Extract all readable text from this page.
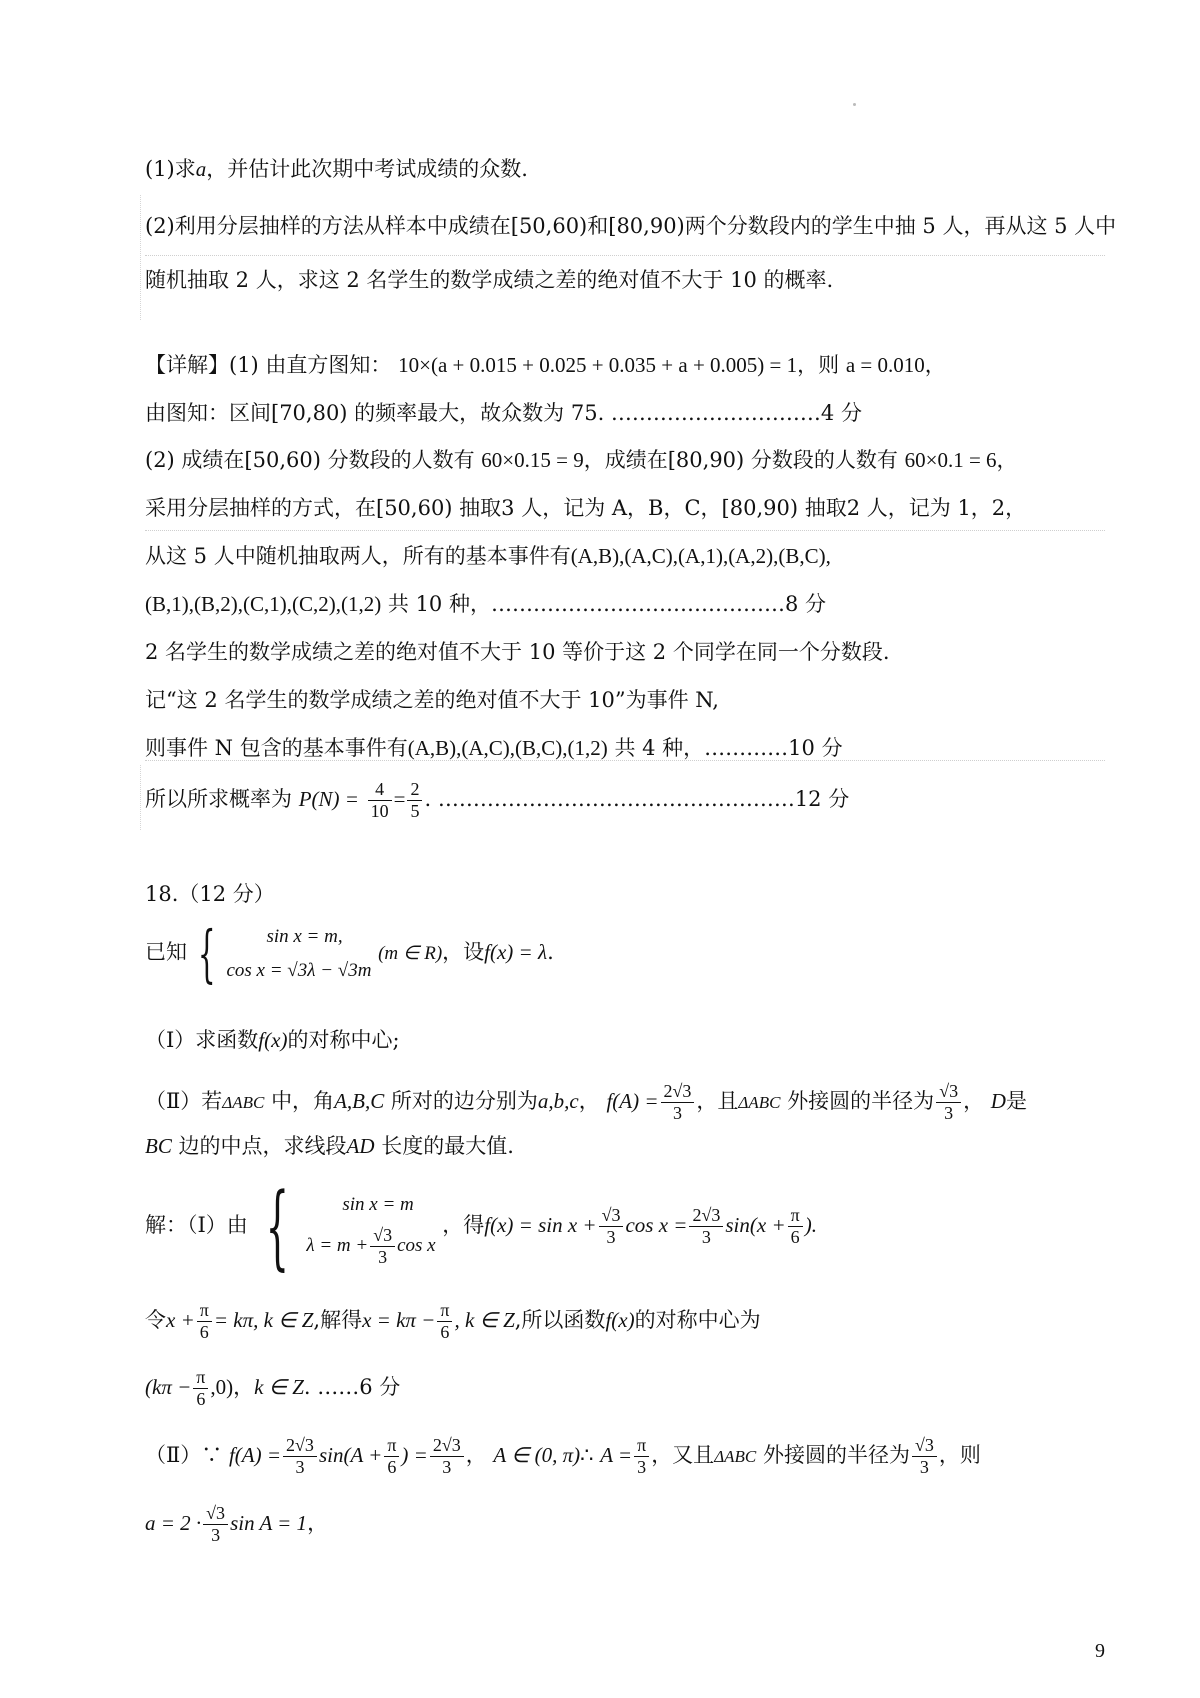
(1)求a，并估计此次期中考试成绩的众数.
(2)利用分层抽样的方法从样本中成绩在[50,60)和[80,90)两个分数段内的学生中抽 5 人，再从这 5 人中
随机抽取 2 人，求这 2 名学生的数学成绩之差的绝对值不大于 10 的概率.
【详解】(1) 由直方图知： 10×(a + 0.015 + 0.025 + 0.035 + a + 0.005) = 1，则 a = 0.010，
由图知：区间[70,80) 的频率最大，故众数为 75. …………………………4 分
(2) 成绩在[50,60) 分数段的人数有 60×0.15 = 9，成绩在[80,90) 分数段的人数有 60×0.1 = 6，
采用分层抽样的方式，在[50,60) 抽取3 人，记为 A，B，C，[80,90) 抽取2 人，记为 1，2，
从这 5 人中随机抽取两人，所有的基本事件有(A,B),(A,C),(A,1),(A,2),(B,C),
(B,1),(B,2),(C,1),(C,2),(1,2) 共 10 种，……………………………………8 分
2 名学生的数学成绩之差的绝对值不大于 10 等价于这 2 个同学在同一个分数段.
记“这 2 名学生的数学成绩之差的绝对值不大于 10”为事件 N,
则事件 N 包含的基本事件有(A,B),(A,C),(B,C),(1,2) 共 4 种，…………10 分
所以所求概率为 $P(N) = \frac{4}{10} = \frac{2}{5}$ . ……………………………………………12 分
18.（12 分）
已知 {	sin x = m,
cos x = √3λ − √3m
(m ∈ R)，设f(x) = λ.
（Ⅰ）求函数f(x)的对称中心;
（Ⅱ）若ΔABC 中，角A,B,C 所对的边分别为a,b,c， $f(A) = \frac{2√3}{3}$ ，且ΔABC 外接圆的半径为 $\frac{√3}{3}$ ， D是
BC 边的中点，求线段AD 长度的最大值.
解：（Ⅰ）由 {	sin x = m
$\lambda = m + \frac{√3}{3}$ cos x
，得$f(x) = \sin x + \frac{√3}{3}$ $\cos x = \frac{2√3}{3} \sin(x + \frac{\pi}{6}$ ).
令$x + \frac{\pi}{6} = k\pi$, k ∈ Z,解得$x = k\pi - \frac{\pi}{6}$ , k ∈ Z,所以函数f(x)的对称中心为
$(k\pi - \frac{\pi}{6} ,0)$，k ∈ Z. ……6 分
（Ⅱ）∵ $f(A) = \frac{2√3}{3} \sin(A + \frac{\pi}{6}$ ) = $\frac{2√3}{3}$ ， A ∈ (0, π)∴ $A = \frac{\pi}{3}$ ，又且ΔABC 外接圆的半径为 $\frac{√3}{3}$ ，则
$a = 2 \cdot \frac{√3}{3}$ sin A = 1，
9
